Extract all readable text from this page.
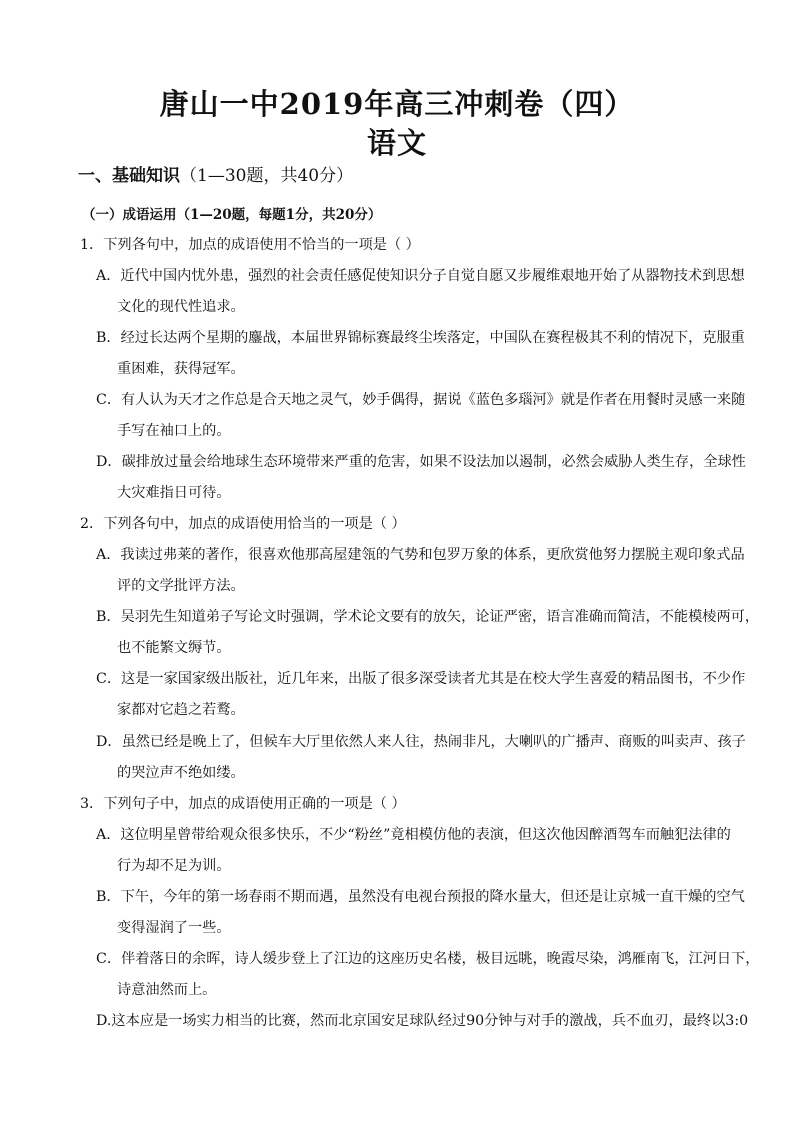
唐山一中2019年高三冲刺卷（四）
语文
一、基础知识（1—30题，共40分）
（一）成语运用（1—20题，每题1分，共20分）
1．下列各句中，加点的成语使用不恰当的一项是（ ）
A．近代中国内忧外患，强烈的社会责任感促使知识分子自觉自愿又步履维艰地开始了从器物技术到思想
文化的现代性追求。
B．经过长达两个星期的鏖战，本届世界锦标赛最终尘埃落定，中国队在赛程极其不利的情况下，克服重
重困难，获得冠军。
C．有人认为天才之作总是合天地之灵气，妙手偶得，据说《蓝色多瑙河》就是作者在用餐时灵感一来随
手写在袖口上的。
D．碳排放过量会给地球生态环境带来严重的危害，如果不设法加以遏制，必然会威胁人类生存，全球性
大灾难指日可待。
2．下列各句中，加点的成语使用恰当的一项是（ ）
A．我读过弗莱的著作，很喜欢他那高屋建瓴的气势和包罗万象的体系，更欣赏他努力摆脱主观印象式品
评的文学批评方法。
B．吴羽先生知道弟子写论文时强调，学术论文要有的放矢，论证严密，语言准确而简洁，不能模棱两可，
也不能繁文缛节。
C．这是一家国家级出版社，近几年来，出版了很多深受读者尤其是在校大学生喜爱的精品图书，不少作
家都对它趋之若鹜。
D．虽然已经是晚上了，但候车大厅里依然人来人往，热闹非凡，大喇叭的广播声、商贩的叫卖声、孩子
的哭泣声不绝如缕。
3．下列句子中，加点的成语使用正确的一项是（ ）
A．这位明星曾带给观众很多快乐，不少“粉丝”竟相模仿他的表演，但这次他因醉酒驾车而触犯法律的
行为却不足为训。
B．下午，今年的第一场春雨不期而遇，虽然没有电视台预报的降水量大，但还是让京城一直干燥的空气
变得湿润了一些。
C．伴着落日的余晖，诗人缓步登上了江边的这座历史名楼，极目远眺，晚霞尽染，鸿雁南飞，江河日下，
诗意油然而上。
D.这本应是一场实力相当的比赛，然而北京国安足球队经过90分钟与对手的激战，兵不血刃，最终以3:0
